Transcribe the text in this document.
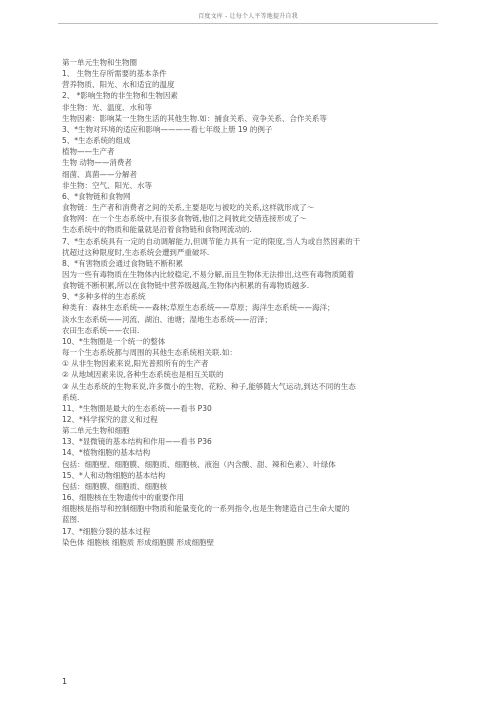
百度文库 - 让每个人平等地提升自我
第一单元生物和生物圈
1、 生物生存所需要的基本条件
营养物质、阳光、水和适宜的温度
2、 *影响生物的非生物和生物因素
非生物：光、温度、水和等
生物因素：影响某一生物生活的其他生物.如：捕食关系、竞争关系、合作关系等
3、*生物对环境的适应和影响————看七年级上册 19 的例子
5、*生态系统的组成
植物——生产者
生物 动物——消费者
细菌、真菌——分解者
非生物：空气、阳光、水等
6、*食物链和食物网
食物链：生产者和消费者之间的关系,主要是吃与被吃的关系,这样就形成了～
食物网：在一个生态系统中,有很多食物链,他们之间彼此交错连接形成了～
生态系统中的物质和能量就是沿着食物链和食物网流动的.
7、*生态系统具有一定的自动调解能力,但调节能力具有一定的限度,当人为或自然因素的干
扰超过这种限度时,生态系统会遭到严重破坏.
8、*有害物质会通过食物链不断积累
因为一些有毒物质在生物体内比较稳定,不易分解,而且生物体无法排出,这些有毒物质随着
食物链不断积累,所以在食物链中营养级越高,生物体内积累的有毒物质越多.
9、*多种多样的生态系统
种类有：森林生态系统——森林;草原生态系统——草原；海洋生态系统——海洋；
淡水生态系统——河流、湖泊、池塘；湿地生态系统——沼泽；
农田生态系统——农田.
10、*生物圈是一个统一的整体
每一个生态系统都与周围的其他生态系统相关联.如：
① 从非生物因素来说,阳光普照所有的生产者
② 从地域因素来说,各种生态系统也是相互关联的
③ 从生态系统的生物来说,许多微小的生物、花粉、种子,能够随大气运动,到达不同的生态
系统.
11、*生物圈是最大的生态系统——看书 P30
12、*科学探究的意义和过程
第二单元生物和细胞
13、*显微镜的基本结构和作用——看书 P36
14、*植物细胞的基本结构
包括：细胞壁、细胞膜、细胞质、细胞核、液泡（内含酸、甜、辣和色素）、叶绿体
15、*人和动物细胞的基本结构
包括：细胞膜、细胞质、细胞核
16、细胞核在生物遗传中的重要作用
细胞核是指导和控制细胞中物质和能量变化的一系列指令,也是生物建造自己生命大厦的
蓝图.
17、*细胞分裂的基本过程
染色体 细胞核 细胞质 形成细胞膜 形成细胞壁
1
